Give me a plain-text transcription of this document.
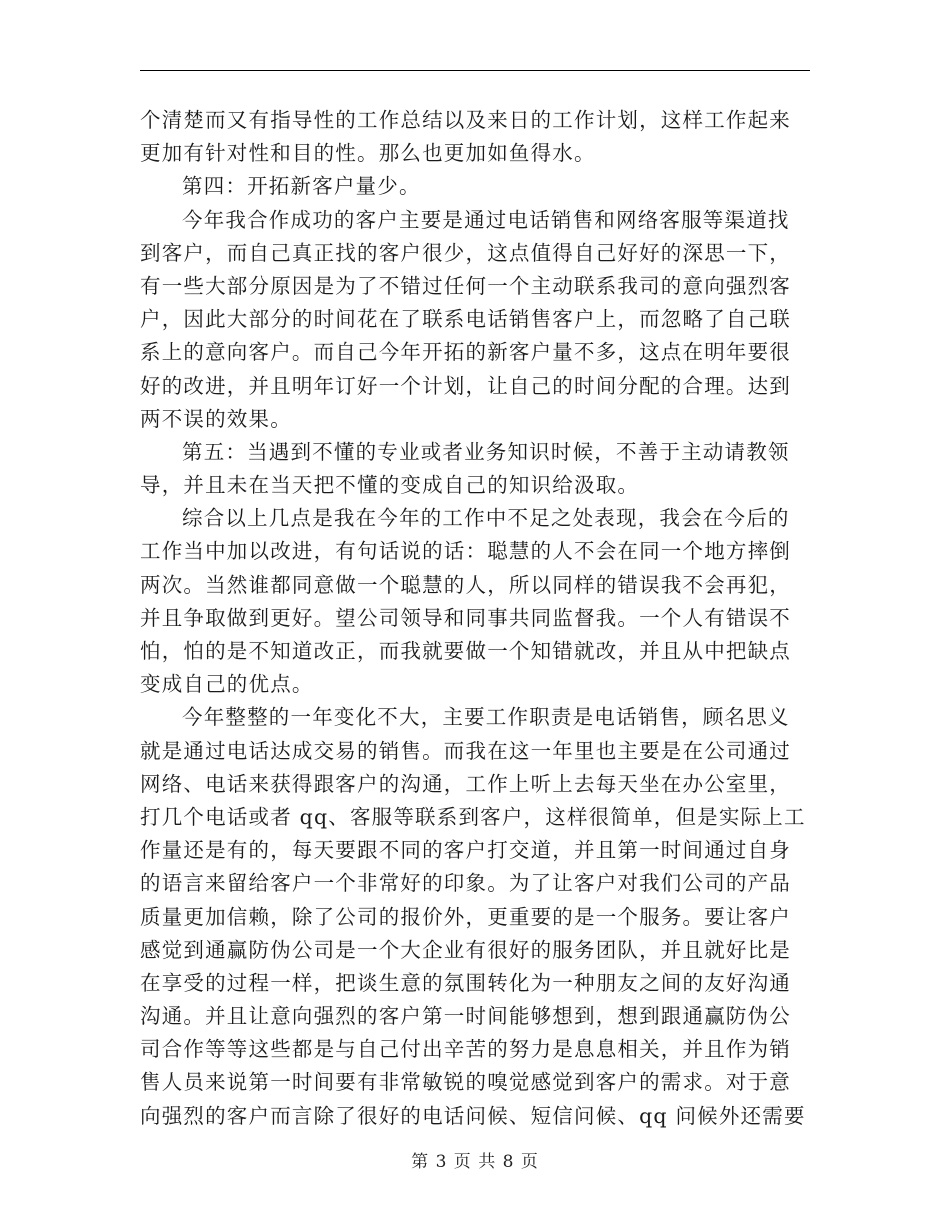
个清楚而又有指导性的工作总结以及来日的工作计划，这样工作起来
更加有针对性和目的性。那么也更加如鱼得水。
第四：开拓新客户量少。
今年我合作成功的客户主要是通过电话销售和网络客服等渠道找
到客户，而自己真正找的客户很少，这点值得自己好好的深思一下，
有一些大部分原因是为了不错过任何一个主动联系我司的意向强烈客
户，因此大部分的时间花在了联系电话销售客户上，而忽略了自己联
系上的意向客户。而自己今年开拓的新客户量不多，这点在明年要很
好的改进，并且明年订好一个计划，让自己的时间分配的合理。达到
两不误的效果。
第五：当遇到不懂的专业或者业务知识时候，不善于主动请教领
导，并且未在当天把不懂的变成自己的知识给汲取。
综合以上几点是我在今年的工作中不足之处表现，我会在今后的
工作当中加以改进，有句话说的话：聪慧的人不会在同一个地方摔倒
两次。当然谁都同意做一个聪慧的人，所以同样的错误我不会再犯，
并且争取做到更好。望公司领导和同事共同监督我。一个人有错误不
怕，怕的是不知道改正，而我就要做一个知错就改，并且从中把缺点
变成自己的优点。
今年整整的一年变化不大，主要工作职责是电话销售，顾名思义
就是通过电话达成交易的销售。而我在这一年里也主要是在公司通过
网络、电话来获得跟客户的沟通，工作上听上去每天坐在办公室里，
打几个电话或者 qq、客服等联系到客户，这样很简单，但是实际上工
作量还是有的，每天要跟不同的客户打交道，并且第一时间通过自身
的语言来留给客户一个非常好的印象。为了让客户对我们公司的产品
质量更加信赖，除了公司的报价外，更重要的是一个服务。要让客户
感觉到通赢防伪公司是一个大企业有很好的服务团队，并且就好比是
在享受的过程一样，把谈生意的氛围转化为一种朋友之间的友好沟通
沟通。并且让意向强烈的客户第一时间能够想到，想到跟通赢防伪公
司合作等等这些都是与自己付出辛苦的努力是息息相关，并且作为销
售人员来说第一时间要有非常敏锐的嗅觉感觉到客户的需求。对于意
向强烈的客户而言除了很好的电话问候、短信问候、qq 问候外还需要
第 3 页 共 8 页
